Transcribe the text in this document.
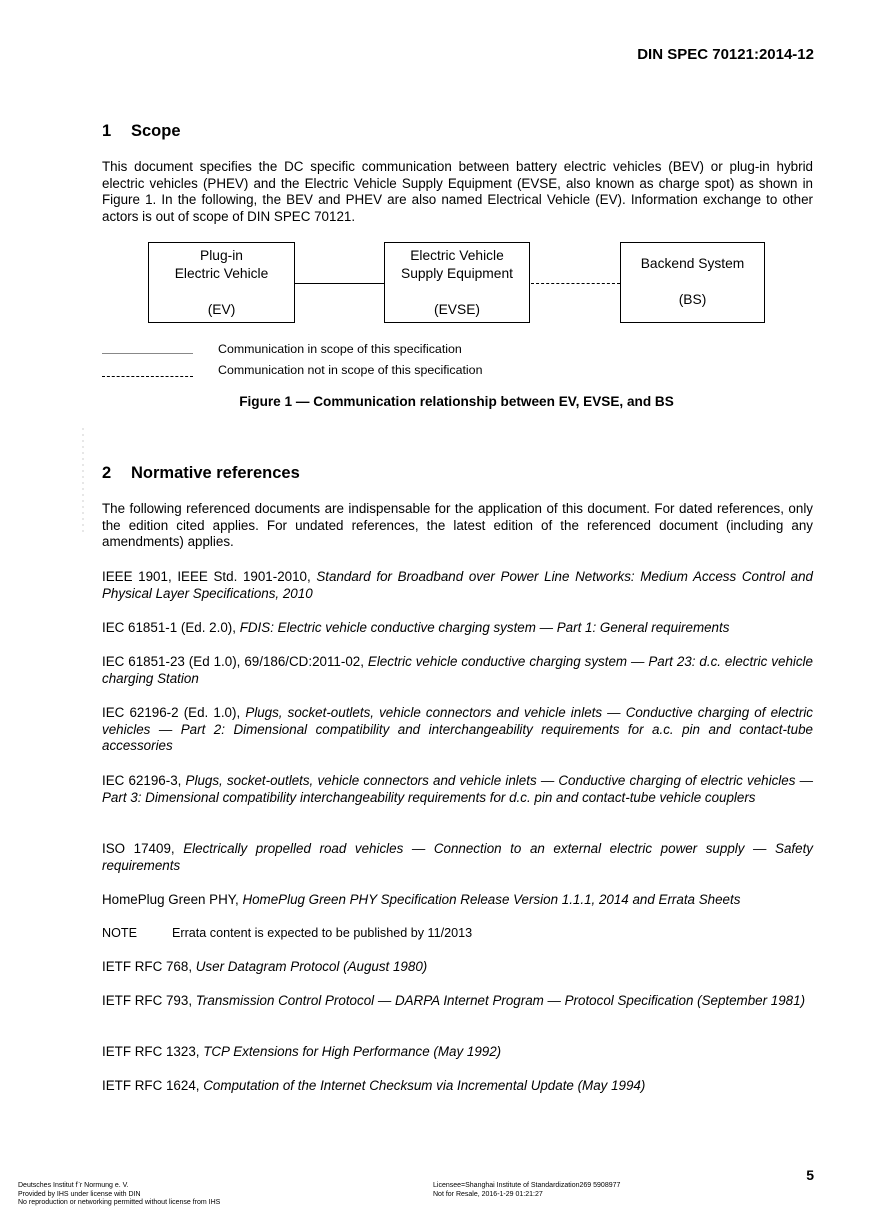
DIN SPEC 70121:2014-12
1 Scope
This document specifies the DC specific communication between battery electric vehicles (BEV) or plug-in hybrid electric vehicles (PHEV) and the Electric Vehicle Supply Equipment (EVSE, also known as charge spot) as shown in Figure 1. In the following, the BEV and PHEV are also named Electrical Vehicle (EV). Information exchange to other actors is out of scope of DIN SPEC 70121.
Plug-in
Electric Vehicle
(EV)
Electric Vehicle
Supply Equipment
(EVSE)
Backend System
(BS)
Communication in scope of this specification
Communication not in scope of this specification
Figure 1 — Communication relationship between EV, EVSE, and BS
2 Normative references
The following referenced documents are indispensable for the application of this document. For dated references, only the edition cited applies. For undated references, the latest edition of the referenced document (including any amendments) applies.
IEEE 1901, IEEE Std. 1901-2010, Standard for Broadband over Power Line Networks: Medium Access Control and Physical Layer Specifications, 2010
IEC 61851-1 (Ed. 2.0), FDIS: Electric vehicle conductive charging system — Part 1: General requirements
IEC 61851-23 (Ed 1.0), 69/186/CD:2011-02, Electric vehicle conductive charging system — Part 23: d.c. electric vehicle charging Station
IEC 62196-2 (Ed. 1.0), Plugs, socket-outlets, vehicle connectors and vehicle inlets — Conductive charging of electric vehicles — Part 2: Dimensional compatibility and interchangeability requirements for a.c. pin and contact-tube accessories
IEC 62196-3, Plugs, socket-outlets, vehicle connectors and vehicle inlets — Conductive charging of electric vehicles — Part 3: Dimensional compatibility interchangeability requirements for d.c. pin and contact-tube vehicle couplers
ISO 17409, Electrically propelled road vehicles — Connection to an external electric power supply — Safety requirements
HomePlug Green PHY, HomePlug Green PHY Specification Release Version 1.1.1, 2014 and Errata Sheets
NOTE	Errata content is expected to be published by 11/2013
IETF RFC 768, User Datagram Protocol (August 1980)
IETF RFC 793, Transmission Control Protocol — DARPA Internet Program — Protocol Specification (September 1981)
IETF RFC 1323, TCP Extensions for High Performance (May 1992)
IETF RFC 1624, Computation of the Internet Checksum via Incremental Update (May 1994)
5
Deutsches Institut f¨r Normung e. V.
Provided by IHS under license with DIN
No reproduction or networking permitted without license from IHS
Licensee=Shanghai Institute of Standardization269 5908977
Not for Resale, 2016-1-29 01:21:27
